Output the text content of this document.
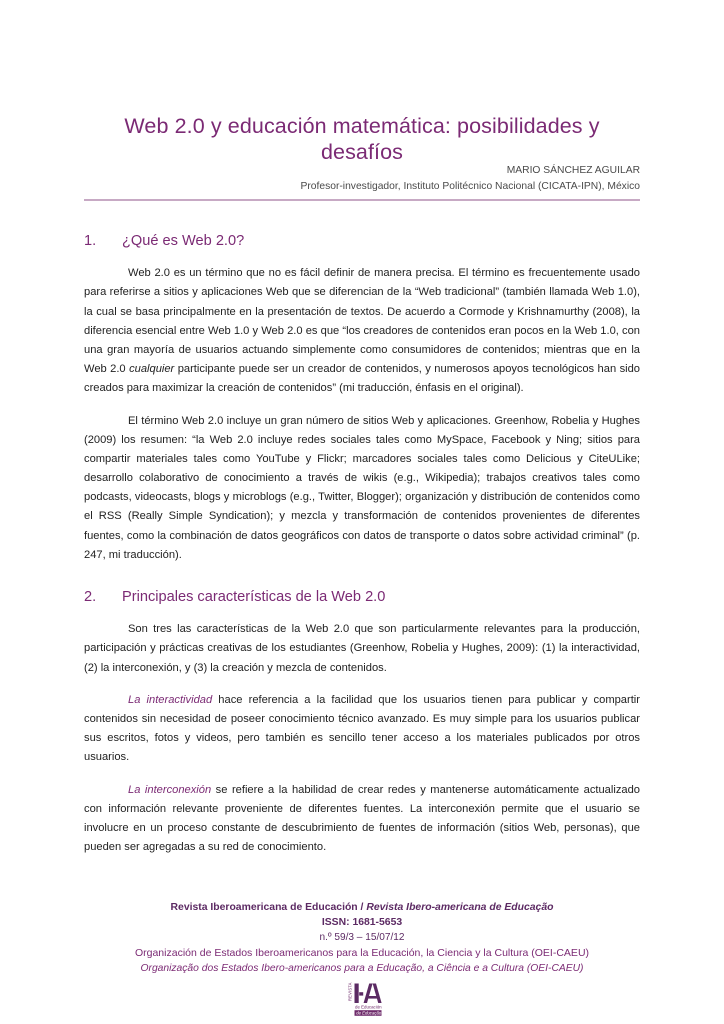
Web 2.0 y educación matemática: posibilidades y desafíos
MARIO SÁNCHEZ AGUILAR
Profesor-investigador, Instituto Politécnico Nacional (CICATA-IPN), México
1. ¿Qué es Web 2.0?

Web 2.0 es un término que no es fácil definir de manera precisa. El término es frecuentemente usado para referirse a sitios y aplicaciones Web que se diferencian de la “Web tradicional” (también llamada Web 1.0), la cual se basa principalmente en la presentación de textos. De acuerdo a Cormode y Krishnamurthy (2008), la diferencia esencial entre Web 1.0 y Web 2.0 es que “los creadores de contenidos eran pocos en la Web 1.0, con una gran mayoría de usuarios actuando simplemente como consumidores de contenidos; mientras que en la Web 2.0 cualquier participante puede ser un creador de contenidos, y numerosos apoyos tecnológicos han sido creados para maximizar la creación de contenidos” (mi traducción, énfasis en el original).

El término Web 2.0 incluye un gran número de sitios Web y aplicaciones. Greenhow, Robelia y Hughes (2009) los resumen: “la Web 2.0 incluye redes sociales tales como MySpace, Facebook y Ning; sitios para compartir materiales tales como YouTube y Flickr; marcadores sociales tales como Delicious y CiteULike; desarrollo colaborativo de conocimiento a través de wikis (e.g., Wikipedia); trabajos creativos tales como podcasts, videocasts, blogs y microblogs (e.g., Twitter, Blogger); organización y distribución de contenidos como el RSS (Really Simple Syndication); y mezcla y transformación de contenidos provenientes de diferentes fuentes, como la combinación de datos geográficos con datos de transporte o datos sobre actividad criminal” (p. 247, mi traducción).

2. Principales características de la Web 2.0

Son tres las características de la Web 2.0 que son particularmente relevantes para la producción, participación y prácticas creativas de los estudiantes (Greenhow, Robelia y Hughes, 2009): (1) la interactividad, (2) la interconexión, y (3) la creación y mezcla de contenidos.

La interactividad hace referencia a la facilidad que los usuarios tienen para publicar y compartir contenidos sin necesidad de poseer conocimiento técnico avanzado. Es muy simple para los usuarios publicar sus escritos, fotos y videos, pero también es sencillo tener acceso a los materiales publicados por otros usuarios.

La interconexión se refiere a la habilidad de crear redes y mantenerse automáticamente actualizado con información relevante proveniente de diferentes fuentes. La interconexión permite que el usuario se involucre en un proceso constante de descubrimiento de fuentes de información (sitios Web, personas), que pueden ser agregadas a su red de conocimiento.

Revista Iberoamericana de Educación / Revista Ibero-americana de Educação
ISSN: 1681-5653
n.º 59/3 – 15/07/12
Organización de Estados Iberoamericanos para la Educación, la Ciencia y la Cultura (OEI-CAEU)
Organização dos Estados Ibero-americanos para a Educação, a Ciência e a Cultura (OEI-CAEU)
REVISTA
de Educación
de Educação
